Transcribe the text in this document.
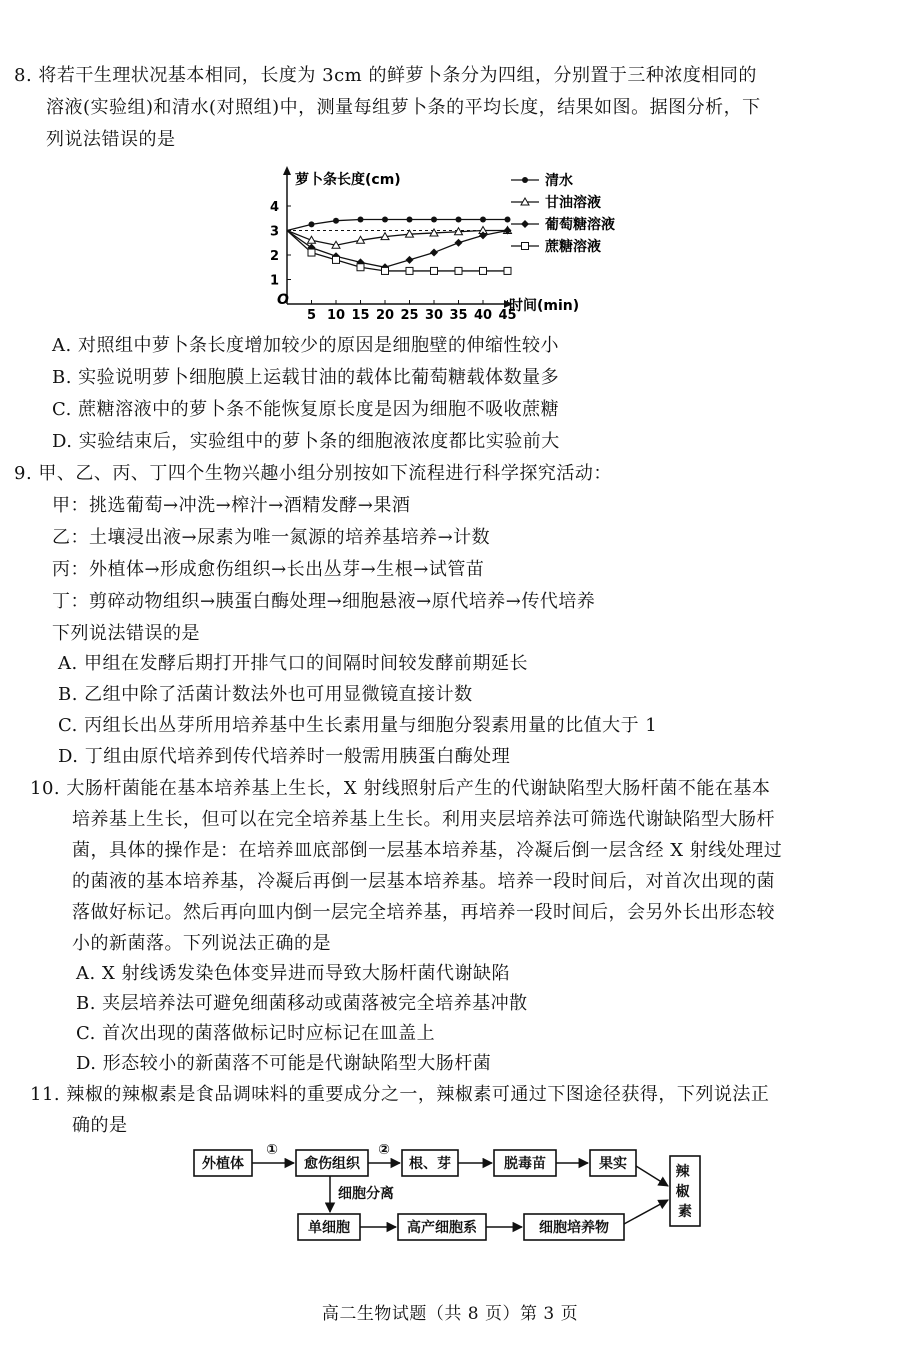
8. 将若干生理状况基本相同，长度为 3cm 的鲜萝卜条分为四组，分别置于三种浓度相同的
溶液(实验组)和清水(对照组)中，测量每组萝卜条的平均长度，结果如图。据图分析，下
列说法错误的是
萝卜条长度(cm)
O	时间(min)
5 10 15 20 25 30 35 40 45
1
2
3
4
清水
甘油溶液
葡萄糖溶液
蔗糖溶液
A. 对照组中萝卜条长度增加较少的原因是细胞壁的伸缩性较小
B. 实验说明萝卜细胞膜上运载甘油的载体比葡萄糖载体数量多
C. 蔗糖溶液中的萝卜条不能恢复原长度是因为细胞不吸收蔗糖
D. 实验结束后，实验组中的萝卜条的细胞液浓度都比实验前大
9. 甲、乙、丙、丁四个生物兴趣小组分别按如下流程进行科学探究活动：
甲：挑选葡萄→冲洗→榨汁→酒精发酵→果酒
乙：土壤浸出液→尿素为唯一氮源的培养基培养→计数
丙：外植体→形成愈伤组织→长出丛芽→生根→试管苗
丁：剪碎动物组织→胰蛋白酶处理→细胞悬液→原代培养→传代培养
下列说法错误的是
A. 甲组在发酵后期打开排气口的间隔时间较发酵前期延长
B. 乙组中除了活菌计数法外也可用显微镜直接计数
C. 丙组长出丛芽所用培养基中生长素用量与细胞分裂素用量的比值大于 1
D. 丁组由原代培养到传代培养时一般需用胰蛋白酶处理
10. 大肠杆菌能在基本培养基上生长，X 射线照射后产生的代谢缺陷型大肠杆菌不能在基本
培养基上生长，但可以在完全培养基上生长。利用夹层培养法可筛选代谢缺陷型大肠杆
菌，具体的操作是：在培养皿底部倒一层基本培养基，冷凝后倒一层含经 X 射线处理过
的菌液的基本培养基，冷凝后再倒一层基本培养基。培养一段时间后，对首次出现的菌
落做好标记。然后再向皿内倒一层完全培养基，再培养一段时间后，会另外长出形态较
小的新菌落。下列说法正确的是
A. X 射线诱发染色体变异进而导致大肠杆菌代谢缺陷
B. 夹层培养法可避免细菌移动或菌落被完全培养基冲散
C. 首次出现的菌落做标记时应标记在皿盖上
D. 形态较小的新菌落不可能是代谢缺陷型大肠杆菌
11. 辣椒的辣椒素是食品调味料的重要成分之一，辣椒素可通过下图途径获得，下列说法正
确的是
外植体	愈伤组织	根、芽	脱毒苗	果实	辣 椒 素
①	②
细胞分离
单细胞	高产细胞系	细胞培养物
高二生物试题（共 8 页）第 3 页
